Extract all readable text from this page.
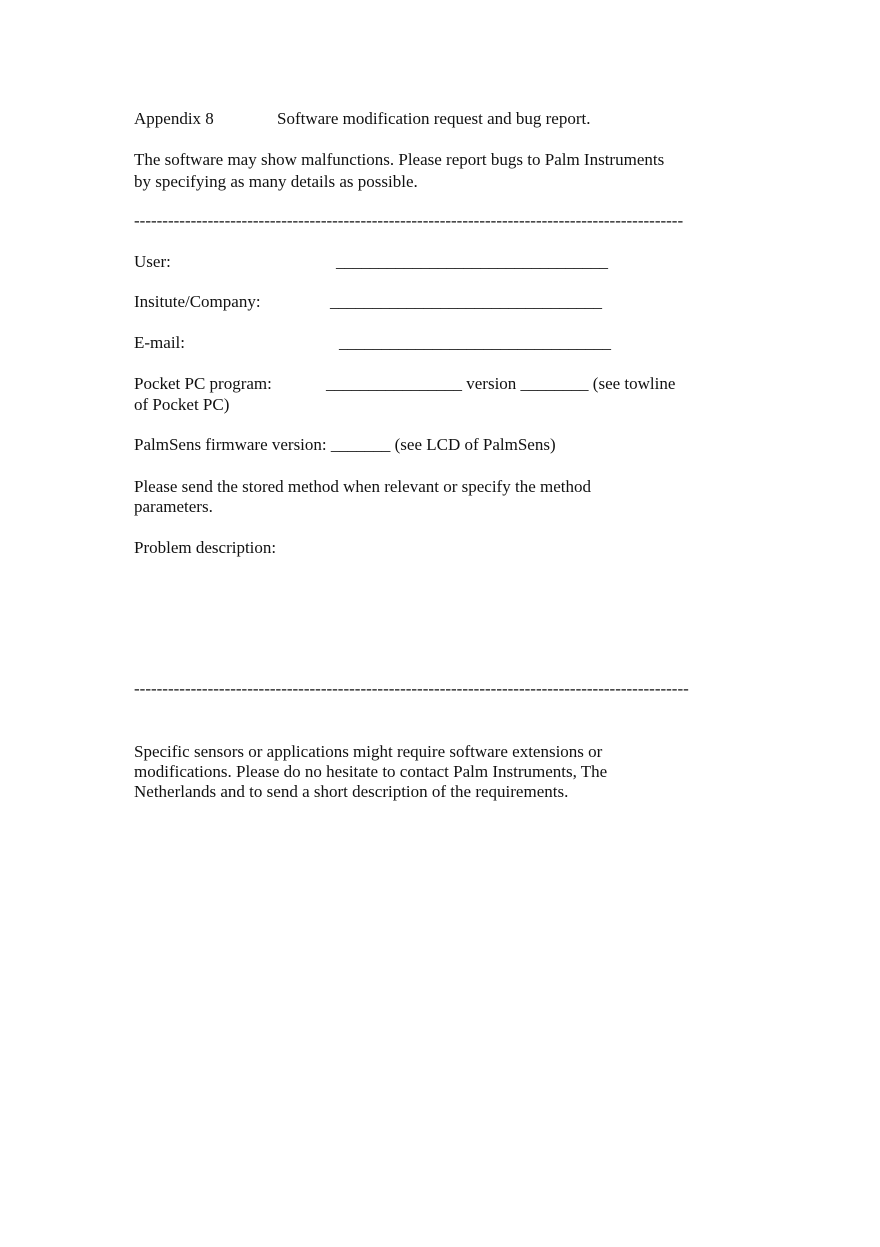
Appendix 8	Software modification request and bug report.
The software may show malfunctions. Please report bugs to Palm Instruments
by specifying as many details as possible.
-------------------------------------------------------------------------------------------------
User:	________________________________
Insitute/Company:	________________________________
E-mail:	________________________________
Pocket PC program:	________________ version ________ (see towline
of Pocket PC)
PalmSens firmware version: _______ (see LCD of PalmSens)
Please send the stored method when relevant or specify the method
parameters.
Problem description:
--------------------------------------------------------------------------------------------------
Specific sensors or applications might require software extensions or
modifications. Please do no hesitate to contact Palm Instruments, The
Netherlands and to send a short description of the requirements.
